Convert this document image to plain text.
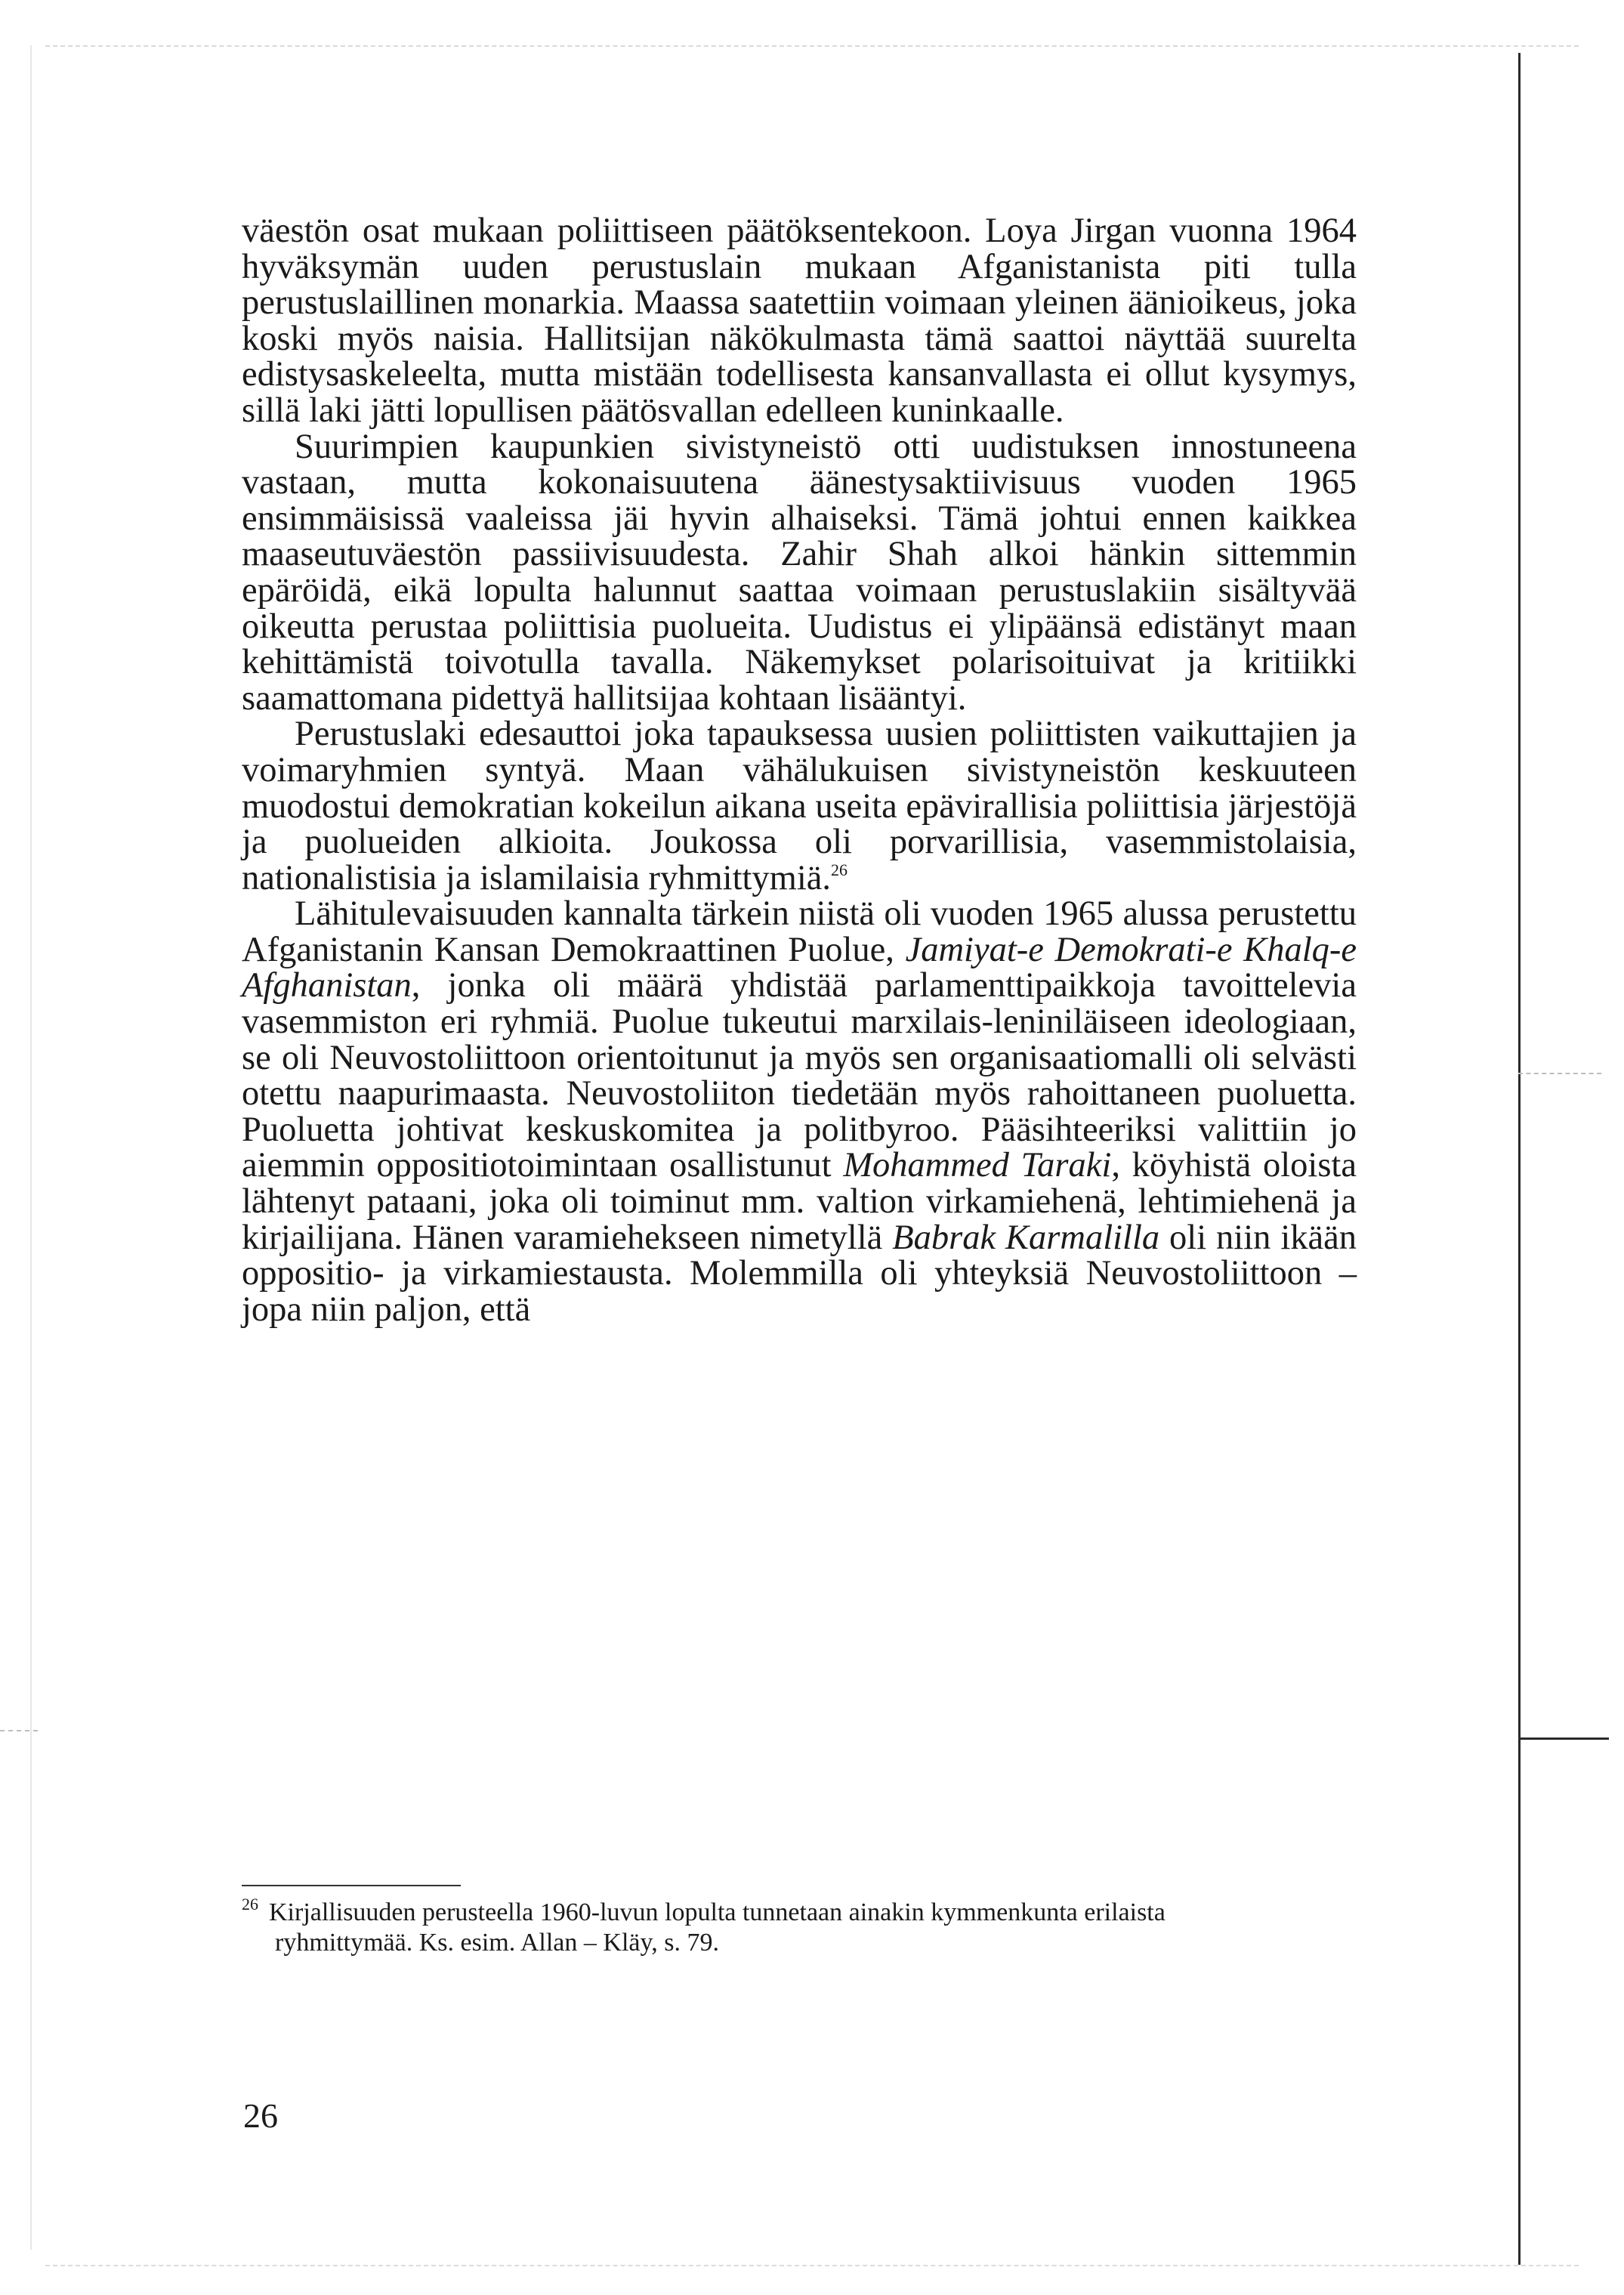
väestön osat mukaan poliittiseen päätöksentekoon. Loya Jirgan vuonna 1964 hyväksymän uuden perustuslain mukaan Afganistanista piti tulla perustuslaillinen monarkia. Maassa saatettiin voimaan yleinen äänioikeus, joka koski myös naisia. Hallitsijan näkökulmasta tämä saattoi näyttää suurelta edistysaskeleelta, mutta mistään todellisesta kansanvallasta ei ollut kysymys, sillä laki jätti lopullisen päätösvallan edelleen kuninkaalle.

Suurimpien kaupunkien sivistyneistö otti uudistuksen innostuneena vastaan, mutta kokonaisuutena äänestysaktiivisuus vuoden 1965 ensimmäisissä vaaleissa jäi hyvin alhaiseksi. Tämä johtui ennen kaikkea maaseutuväestön passiivisuudesta. Zahir Shah alkoi hänkin sittemmin epäröidä, eikä lopulta halunnut saattaa voimaan perustuslakiin sisältyvää oikeutta perustaa poliittisia puolueita. Uudistus ei ylipäänsä edistänyt maan kehittämistä toivotulla tavalla. Näkemykset polarisoituivat ja kritiikki saamattomana pidettyä hallitsijaa kohtaan lisääntyi.

Perustuslaki edesauttoi joka tapauksessa uusien poliittisten vaikuttajien ja voimaryhmien syntyä. Maan vähälukuisen sivistyneistön keskuuteen muodostui demokratian kokeilun aikana useita epävirallisia poliittisia järjestöjä ja puolueiden alkioita. Joukossa oli porvarillisia, vasemmistolaisia, nationalistisia ja islamilaisia ryhmittymiä.$^{26}$

Lähitulevaisuuden kannalta tärkein niistä oli vuoden 1965 alussa perustettu Afganistanin Kansan Demokraattinen Puolue, Jamiyat-e Demokrati-e Khalq-e Afghanistan, jonka oli määrä yhdistää parlamenttipaikkoja tavoittelevia vasemmiston eri ryhmiä. Puolue tukeutui marxilais-leniniläiseen ideologiaan, se oli Neuvostoliittoon orientoitunut ja myös sen organisaatiomalli oli selvästi otettu naapurimaasta. Neuvostoliiton tiedetään myös rahoittaneen puoluetta. Puoluetta johtivat keskuskomitea ja politbyroo. Pääsihteeriksi valittiin jo aiemmin oppositiotoimintaan osallistunut Mohammed Taraki, köyhistä oloista lähtenyt pataani, joka oli toiminut mm. valtion virkamiehenä, lehtimiehenä ja kirjailijana. Hänen varamiehekseen nimetyllä Babrak Karmalilla oli niin ikään oppositio- ja virkamiestausta. Molemmilla oli yhteyksiä Neuvostoliittoon – jopa niin paljon, että

$^{26}$ Kirjallisuuden perusteella 1960-luvun lopulta tunnetaan ainakin kymmenkunta erilaista
ryhmittymää. Ks. esim. Allan – Kläy, s. 79.
26
